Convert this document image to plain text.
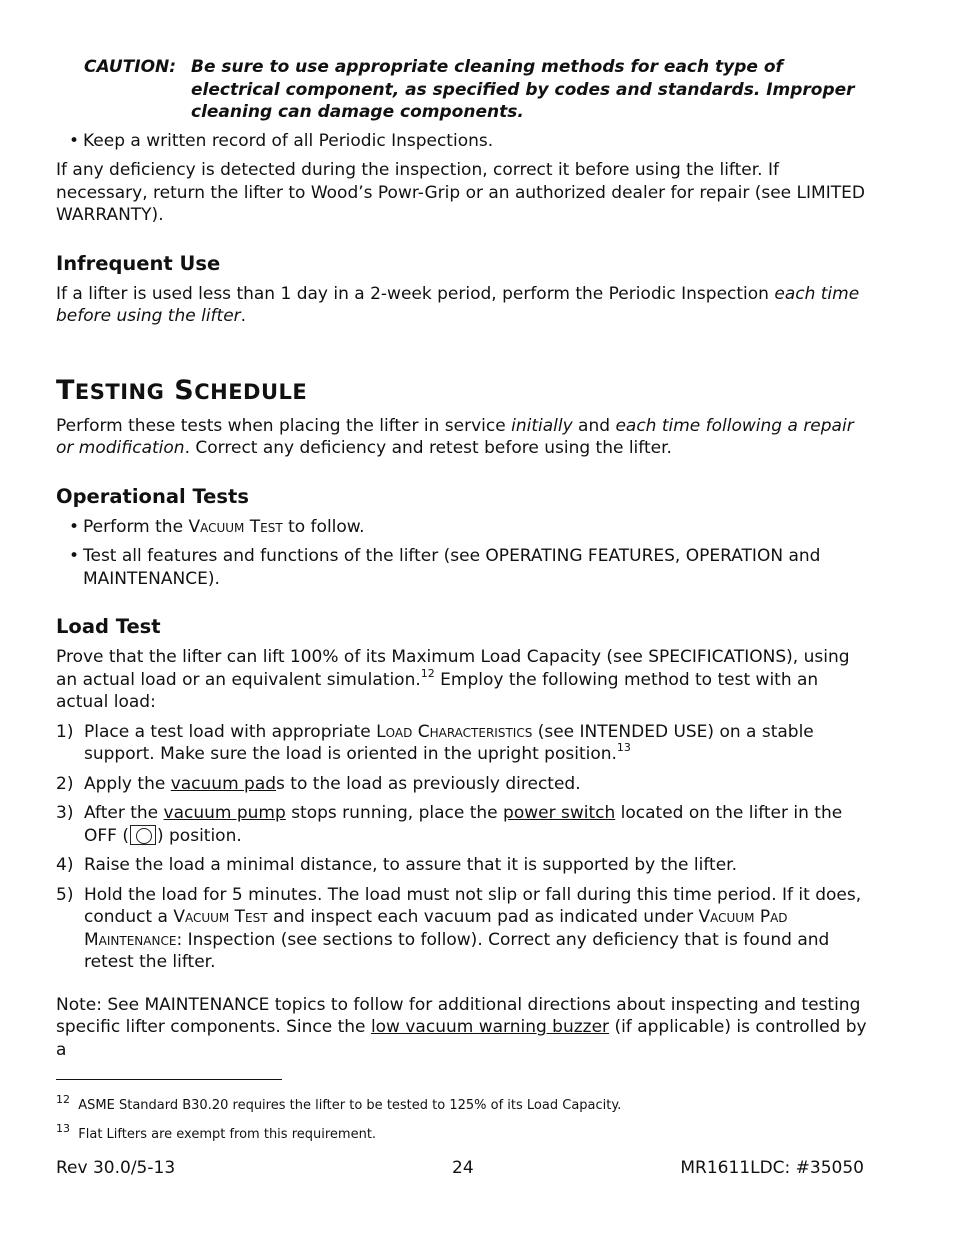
CAUTION: Be sure to use appropriate cleaning methods for each type of electrical component, as specified by codes and standards. Improper cleaning can damage components.
• Keep a written record of all Periodic Inspections.

If any deficiency is detected during the inspection, correct it before using the lifter. If necessary, return the lifter to Wood’s Powr-Grip or an authorized dealer for repair (see LIMITED WARRANTY).

Infrequent Use

If a lifter is used less than 1 day in a 2-week period, perform the Periodic Inspection each time before using the lifter.

TESTING SCHEDULE

Perform these tests when placing the lifter in service initially and each time following a repair or modification. Correct any deficiency and retest before using the lifter.

Operational Tests
• Perform the Vacuum Test to follow.
• Test all features and functions of the lifter (see OPERATING FEATURES, OPERATION and MAINTENANCE).
Load Test

Prove that the lifter can lift 100% of its Maximum Load Capacity (see SPECIFICATIONS), using an actual load or an equivalent simulation.$^{12}$ Employ the following method to test with an actual load:

1) Place a test load with appropriate Load Characteristics (see INTENDED USE) on a stable support. Make sure the load is oriented in the upright position.$^{13}$
2) Apply the vacuum pads to the load as previously directed.
3) After the vacuum pump stops running, place the power switch located on the lifter in the OFF ( ) position.
4) Raise the load a minimal distance, to assure that it is supported by the lifter.
5) Hold the load for 5 minutes. The load must not slip or fall during this time period. If it does, conduct a Vacuum Test and inspect each vacuum pad as indicated under Vacuum Pad Maintenance: Inspection (see sections to follow). Correct any deficiency that is found and retest the lifter.

Note: See MAINTENANCE topics to follow for additional directions about inspecting and testing specific lifter components. Since the low vacuum warning buzzer (if applicable) is controlled by a

$^{12}$ ASME Standard B30.20 requires the lifter to be tested to 125% of its Load Capacity.
$^{13}$ Flat Lifters are exempt from this requirement.
Rev 30.0/5-13	24	MR1611LDC: #35050
